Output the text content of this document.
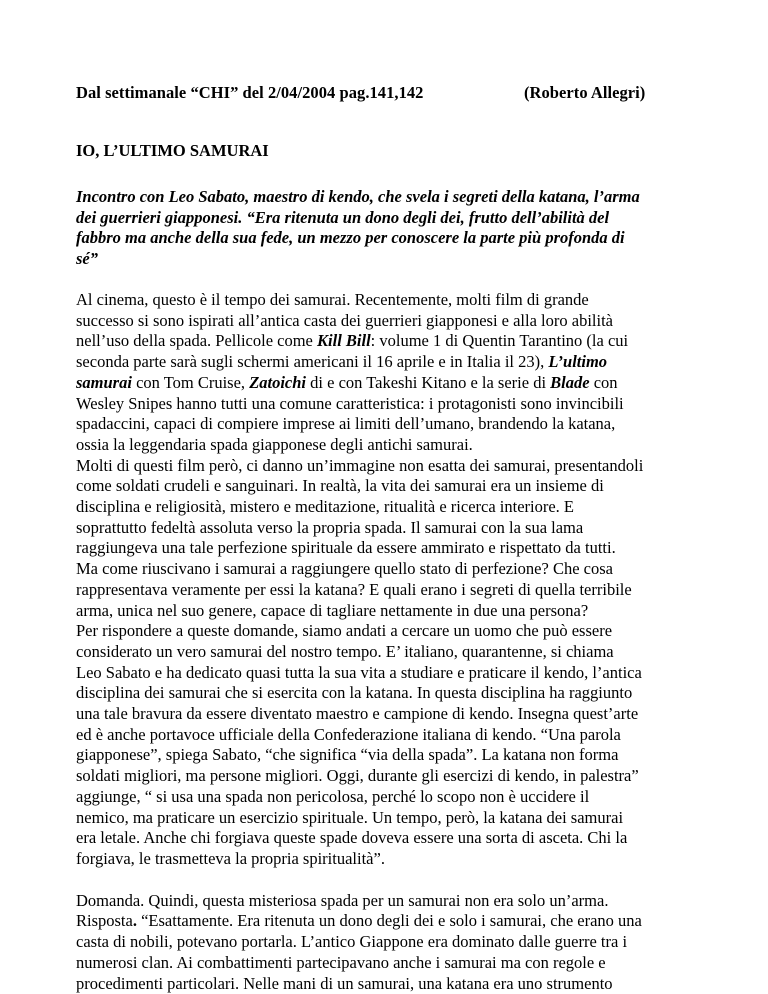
Dal settimanale “CHI” del 2/04/2004 pag.141,142	(Roberto Allegri)
IO, L’ULTIMO SAMURAI
Incontro con Leo Sabato, maestro di kendo, che svela i segreti della katana, l’arma
dei guerrieri giapponesi. “Era ritenuta un dono degli dei, frutto dell’abilità del
fabbro ma anche della sua fede, un mezzo per conoscere la parte più profonda di
sé”

Al cinema, questo è il tempo dei samurai. Recentemente, molti film di grande
successo si sono ispirati all’antica casta dei guerrieri giapponesi e alla loro abilità
nell’uso della spada. Pellicole come Kill Bill: volume 1 di Quentin Tarantino (la cui
seconda parte sarà sugli schermi americani il 16 aprile e in Italia il 23), L’ultimo
samurai con Tom Cruise, Zatoichi di e con Takeshi Kitano e la serie di Blade con
Wesley Snipes hanno tutti una comune caratteristica: i protagonisti sono invincibili
spadaccini, capaci di compiere imprese ai limiti dell’umano, brandendo la katana,
ossia la leggendaria spada giapponese degli antichi samurai.

Molti di questi film però, ci danno un’immagine non esatta dei samurai, presentandoli
come soldati crudeli e sanguinari. In realtà, la vita dei samurai era un insieme di
disciplina e religiosità, mistero e meditazione, ritualità e ricerca interiore. E
soprattutto fedeltà assoluta verso la propria spada. Il samurai con la sua lama
raggiungeva una tale perfezione spirituale da essere ammirato e rispettato da tutti.
Ma come riuscivano i samurai a raggiungere quello stato di perfezione? Che cosa
rappresentava veramente per essi la katana? E quali erano i segreti di quella terribile
arma, unica nel suo genere, capace di tagliare nettamente in due una persona?

Per rispondere a queste domande, siamo andati a cercare un uomo che può essere
considerato un vero samurai del nostro tempo. E’ italiano, quarantenne, si chiama
Leo Sabato e ha dedicato quasi tutta la sua vita a studiare e praticare il kendo, l’antica
disciplina dei samurai che si esercita con la katana. In questa disciplina ha raggiunto
una tale bravura da essere diventato maestro e campione di kendo. Insegna quest’arte
ed è anche portavoce ufficiale della Confederazione italiana di kendo. “Una parola
giapponese”, spiega Sabato, “che significa “via della spada”. La katana non forma
soldati migliori, ma persone migliori. Oggi, durante gli esercizi di kendo, in palestra”
aggiunge, “ si usa una spada non pericolosa, perché lo scopo non è uccidere il
nemico, ma praticare un esercizio spirituale. Un tempo, però, la katana dei samurai
era letale. Anche chi forgiava queste spade doveva essere una sorta di asceta. Chi la
forgiava, le trasmetteva la propria spiritualità”.

Domanda. Quindi, questa misteriosa spada per un samurai non era solo un’arma.
Risposta. “Esattamente. Era ritenuta un dono degli dei e solo i samurai, che erano una
casta di nobili, potevano portarla. L’antico Giappone era dominato dalle guerre tra i
numerosi clan. Ai combattimenti partecipavano anche i samurai ma con regole e
procedimenti particolari. Nelle mani di un samurai, una katana era uno strumento
